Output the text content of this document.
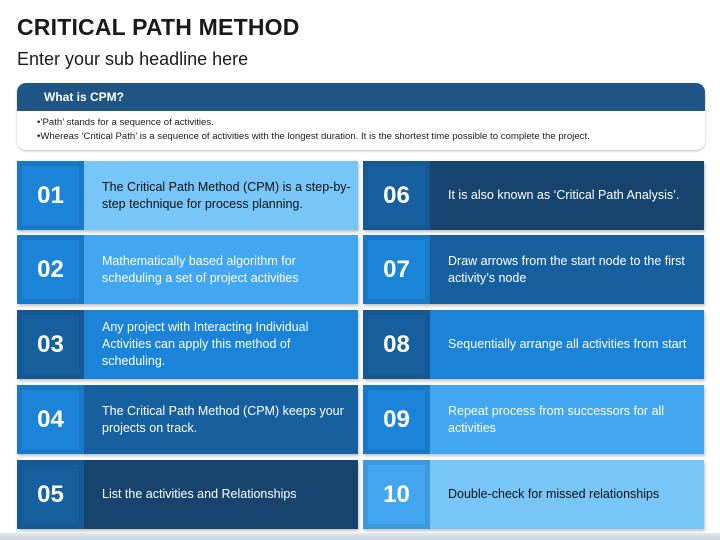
CRITICAL PATH METHOD
Enter your sub headline here
What is CPM?
•‘Path’ stands for a sequence of activities.
•Whereas ‘Critical Path’ is a sequence of activities with the longest duration. It is the shortest time possible to complete the project.
01	The Critical Path Method (CPM) is a step-by-step technique for process planning.
02	Mathematically based algorithm for scheduling a set of project activities
03
Any project with Interacting Individual Activities can apply this method of scheduling.
04	The Critical Path Method (CPM) keeps your projects on track.
05	List the activities and Relationships
06	It is also known as ‘Critical Path Analysis’.
07	Draw arrows from the start node to the first activity’s node
08	Sequentially arrange all activities from start
09	Repeat process from successors for all activities
10	Double-check for missed relationships
